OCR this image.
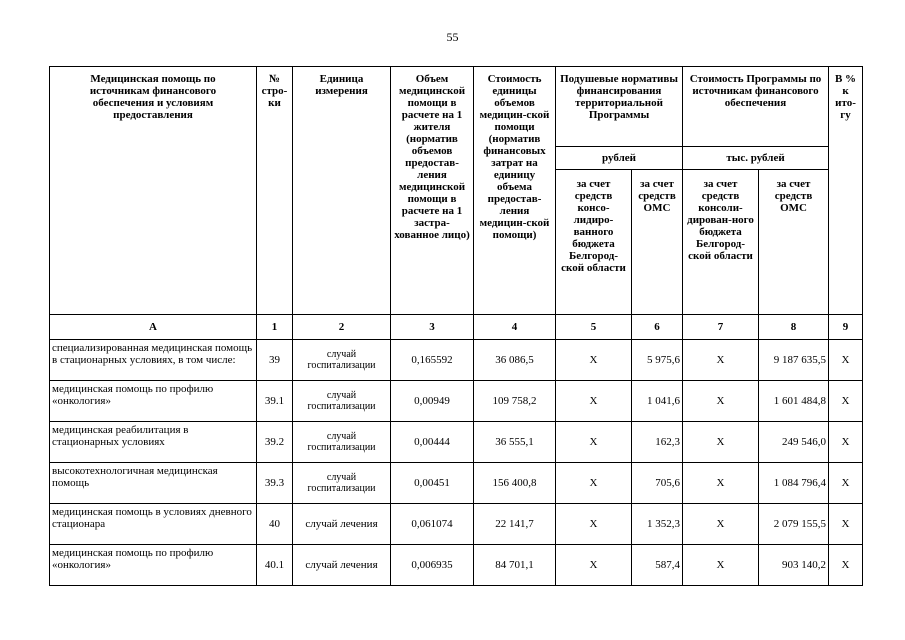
55
Медицинская помощь по источникам финансового обеспечения и условиям предоставления	№ стро-ки	Единица измерения	Объем медицинской помощи в расчете на 1 жителя (норматив объемов предостав-ления медицинской помощи в расчете на 1 застра-хованное лицо)	Стоимость единицы объемов медицин-ской помощи (норматив финансовых затрат на единицу объема предостав-ления медицин-ской помощи)	Подушевые нормативы финансирования территориальной Программы		Стоимость Программы по источникам финансового обеспечения		В % к ито-гу
					рублей		тыс. рублей		
					за счет средств консо-лидиро-ванного бюджета Белгород-ской области	за счет средств ОМС	за счет средств консоли-дирован-ного бюджета Белгород-ской области	за счет средств ОМС	
А	1	2	3	4	5	6	7	8	9
специализированная медицинская помощь в стационарных условиях, в том числе:	39	случай госпитализации	0,165592	36 086,5	X	5 975,6	X	9 187 635,5	X
медицинская помощь по профилю «онкология»	39.1	случай госпитализации	0,00949	109 758,2	X	1 041,6	X	1 601 484,8	X
медицинская реабилитация в стационарных условиях	39.2	случай госпитализации	0,00444	36 555,1	X	162,3	X	249 546,0	X
высокотехнологичная медицинская помощь	39.3	случай госпитализации	0,00451	156 400,8	X	705,6	X	1 084 796,4	X
медицинская помощь в условиях дневного стационара	40	случай лечения	0,061074	22 141,7	X	1 352,3	X	2 079 155,5	X
медицинская помощь по профилю «онкология»	40.1	случай лечения	0,006935	84 701,1	X	587,4	X	903 140,2	X
